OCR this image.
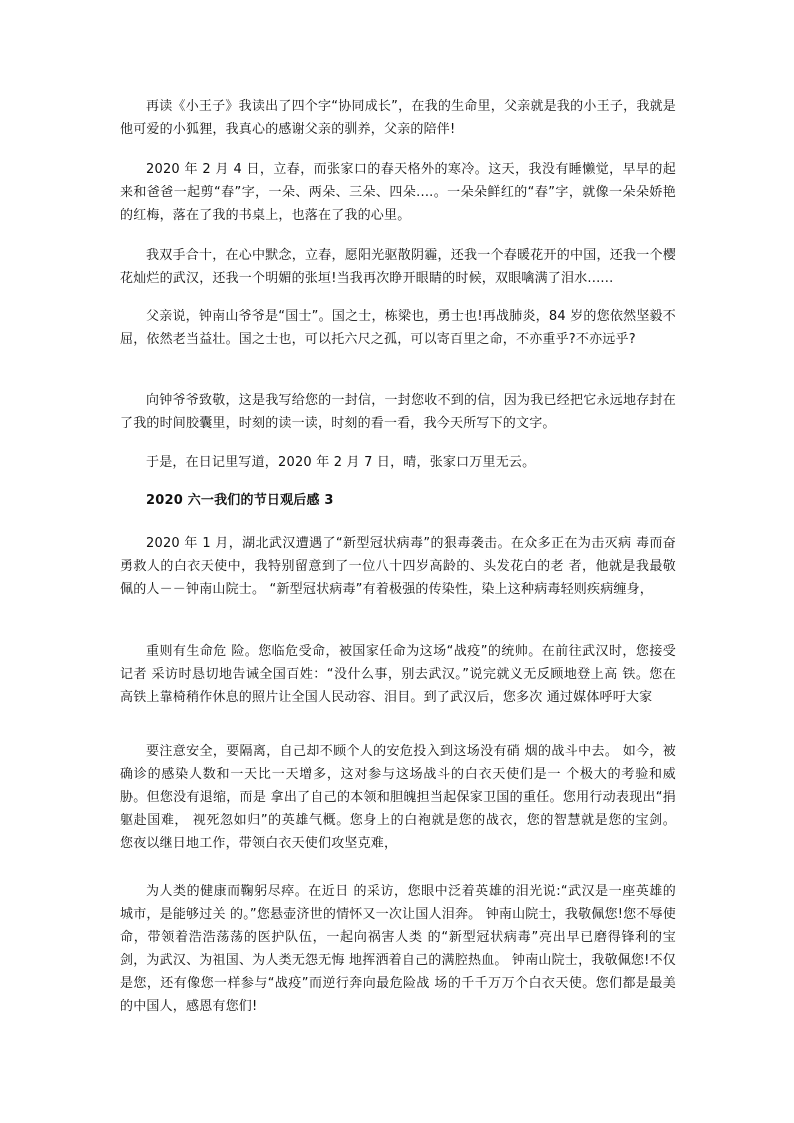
再读《小王子》我读出了四个字“协同成长”，在我的生命里，父亲就是我的小王子，我就是他可爱的小狐狸，我真心的感谢父亲的驯养，父亲的陪伴!

2020 年 2 月 4 日，立春，而张家口的春天格外的寒冷。这天，我没有睡懒觉，早早的起来和爸爸一起剪“春”字，一朵、两朵、三朵、四朵....。一朵朵鲜红的“春”字，就像一朵朵娇艳的红梅，落在了我的书桌上，也落在了我的心里。

我双手合十，在心中默念，立春，愿阳光驱散阴霾，还我一个春暖花开的中国，还我一个樱花灿烂的武汉，还我一个明媚的张垣!当我再次睁开眼睛的时候，双眼噙满了泪水......

父亲说，钟南山爷爷是“国士”。国之士，栋梁也，勇士也!再战肺炎，84 岁的您依然坚毅不屈，依然老当益壮。国之士也，可以托六尺之孤，可以寄百里之命，不亦重乎?不亦远乎?

向钟爷爷致敬，这是我写给您的一封信，一封您收不到的信，因为我已经把它永远地存封在了我的时间胶囊里，时刻的读一读，时刻的看一看，我今天所写下的文字。

于是，在日记里写道，2020 年 2 月 7 日，晴，张家口万里无云。

2020 六一我们的节日观后感 3

2020 年 1 月，湖北武汉遭遇了“新型冠状病毒”的狠毒袭击。在众多正在为击灭病 毒而奋勇救人的白衣天使中，我特别留意到了一位八十四岁高龄的、头发花白的老 者，他就是我最敬佩的人－－钟南山院士。 “新型冠状病毒”有着极强的传染性，染上这种病毒轻则疾病缠身，

重则有生命危 险。您临危受命，被国家任命为这场“战疫”的统帅。在前往武汉时，您接受记者 采访时恳切地告诫全国百姓：“没什么事，别去武汉。”说完就义无反顾地登上高 铁。您在高铁上靠椅稍作休息的照片让全国人民动容、泪目。到了武汉后，您多次 通过媒体呼吁大家

要注意安全，要隔离，自己却不顾个人的安危投入到这场没有硝 烟的战斗中去。 如今，被确诊的感染人数和一天比一天增多，这对参与这场战斗的白衣天使们是一 个极大的考验和威胁。但您没有退缩，而是 拿出了自己的本领和胆魄担当起保家卫国的重任。您用行动表现出“捐躯赴国难， 视死忽如归”的英雄气概。您身上的白袍就是您的战衣，您的智慧就是您的宝剑。 您夜以继日地工作，带领白衣天使们攻坚克难，

为人类的健康而鞠躬尽瘁。在近日 的采访，您眼中泛着英雄的泪光说:“武汉是一座英雄的城市，是能够过关 的。”您悬壶济世的情怀又一次让国人泪奔。 钟南山院士，我敬佩您!您不辱使命，带领着浩浩荡荡的医护队伍，一起向祸害人类 的“新型冠状病毒”亮出早已磨得锋利的宝剑，为武汉、为祖国、为人类无怨无悔 地挥洒着自己的满腔热血。 钟南山院士，我敬佩您!不仅是您，还有像您一样参与“战疫”而逆行奔向最危险战 场的千千万万个白衣天使。您们都是最美的中国人，感恩有您们!
